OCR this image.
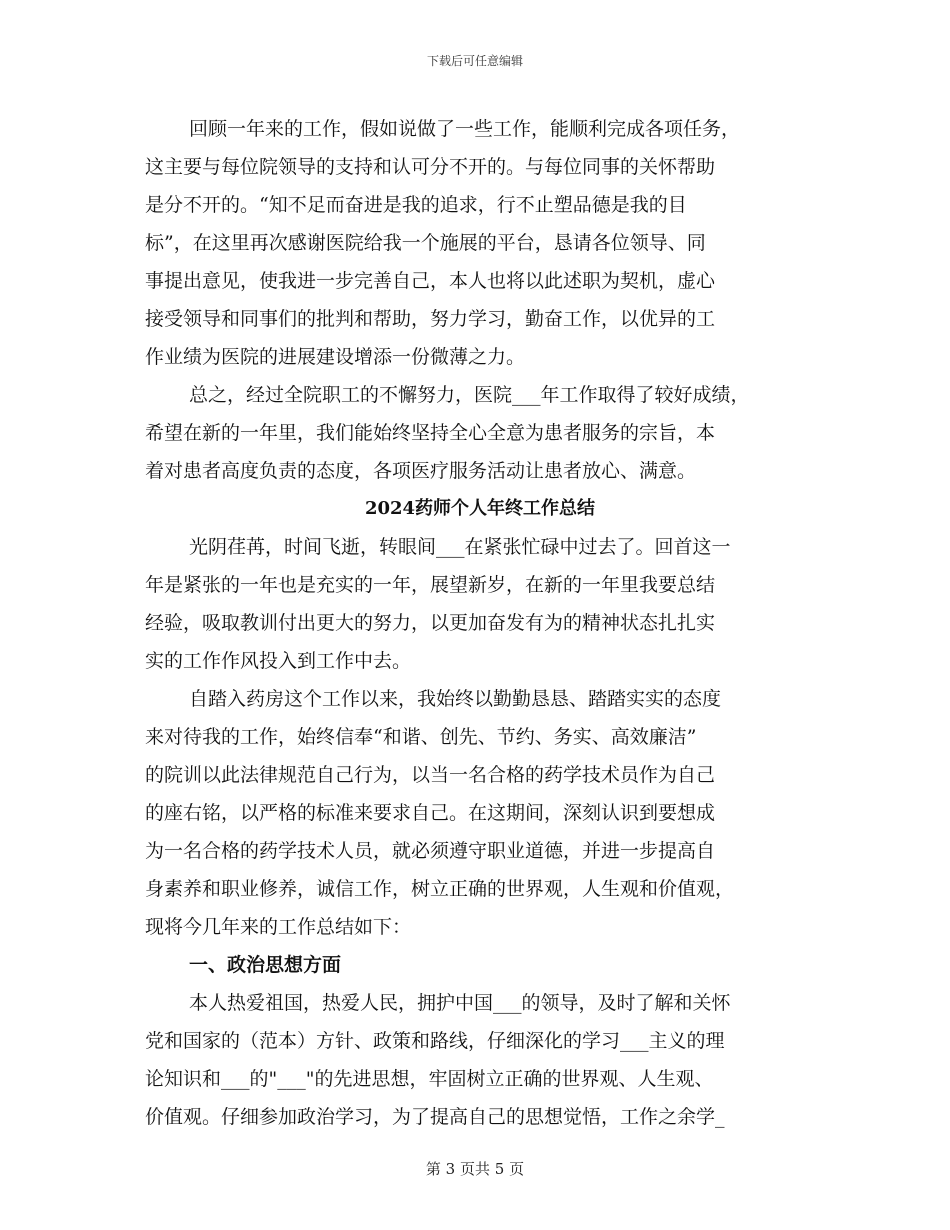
下载后可任意编辑
回顾一年来的工作，假如说做了一些工作，能顺利完成各项任务，
这主要与每位院领导的支持和认可分不开的。与每位同事的关怀帮助
是分不开的。“知不足而奋进是我的追求，行不止塑品德是我的目
标”，在这里再次感谢医院给我一个施展的平台，恳请各位领导、同
事提出意见，使我进一步完善自己，本人也将以此述职为契机，虚心
接受领导和同事们的批判和帮助，努力学习，勤奋工作，以优异的工
作业绩为医院的进展建设增添一份微薄之力。
总之，经过全院职工的不懈努力，医院___年工作取得了较好成绩，
希望在新的一年里，我们能始终坚持全心全意为患者服务的宗旨，本
着对患者高度负责的态度，各项医疗服务活动让患者放心、满意。
2024药师个人年终工作总结
光阴荏苒，时间飞逝，转眼间___在紧张忙碌中过去了。回首这一
年是紧张的一年也是充实的一年，展望新岁，在新的一年里我要总结
经验，吸取教训付出更大的努力，以更加奋发有为的精神状态扎扎实
实的工作作风投入到工作中去。
自踏入药房这个工作以来，我始终以勤勤恳恳、踏踏实实的态度
来对待我的工作，始终信奉“和谐、创先、节约、务实、高效廉洁”
的院训以此法律规范自己行为，以当一名合格的药学技术员作为自己
的座右铭，以严格的标准来要求自己。在这期间，深刻认识到要想成
为一名合格的药学技术人员，就必须遵守职业道德，并进一步提高自
身素养和职业修养，诚信工作，树立正确的世界观，人生观和价值观，
现将今几年来的工作总结如下：
一、政治思想方面
本人热爱祖国，热爱人民，拥护中国___的领导，及时了解和关怀
党和国家的（范本）方针、政策和路线，仔细深化的学习___主义的理
论知识和___的"___"的先进思想，牢固树立正确的世界观、人生观、
价值观。仔细参加政治学习，为了提高自己的思想觉悟，工作之余学_
第 3 页共 5 页
